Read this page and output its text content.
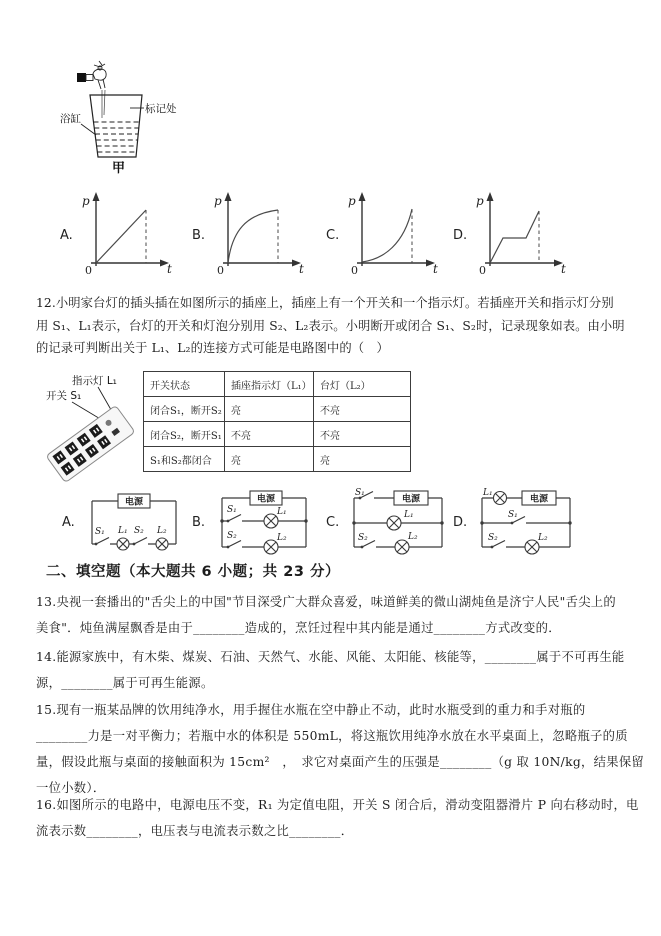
浴缸
标记处
甲
A.
p
t
0
B.
p
t
0
C.
p
t
0
D.
p
t
0
12.小明家台灯的插头插在如图所示的插座上，插座上有一个开关和一个指示灯。若插座开关和指示灯分别
用 S₁、L₁表示，台灯的开关和灯泡分别用 S₂、L₂表示。小明断开或闭合 S₁、S₂时，记录现象如表。由小明
的记录可判断出关于 L₁、L₂的连接方式可能是电路图中的（　）
指示灯 L₁
开关 S₁
开关状态	插座指示灯（L₁）	台灯（L₂）
闭合S₁，断开S₂	亮	不亮
闭合S₂，断开S₁	不亮	不亮
S₁和S₂都闭合	亮	亮
A.
电源
S₁ L₁ S₂ L₂
B.
电源
S₁	L₁
S₂	L₂
C.
电源
S₁
L₁
S₂	L₂
D.
电源
L₁
S₁
S₂	L₂
二、填空题（本大题共 6 小题；共 23 分）
13.央视一套播出的"舌尖上的中国"节目深受广大群众喜爱，味道鲜美的微山湖炖鱼是济宁人民"舌尖上的
美食"．炖鱼满屋飘香是由于________造成的，烹饪过程中其内能是通过________方式改变的．
14.能源家族中，有木柴、煤炭、石油、天然气、水能、风能、太阳能、核能等，________属于不可再生能
源，________属于可再生能源。
15.现有一瓶某品牌的饮用纯净水，用手握住水瓶在空中静止不动，此时水瓶受到的重力和手对瓶的
________力是一对平衡力；若瓶中水的体积是 550mL，将这瓶饮用纯净水放在水平桌面上，忽略瓶子的质
量，假设此瓶与桌面的接触面积为 15cm²　，　求它对桌面产生的压强是________（g 取 10N/kg，结果保留
一位小数）．
16.如图所示的电路中，电源电压不变，R₁ 为定值电阻，开关 S 闭合后，滑动变阻器滑片 P 向右移动时，电
流表示数________，电压表与电流表示数之比________．
